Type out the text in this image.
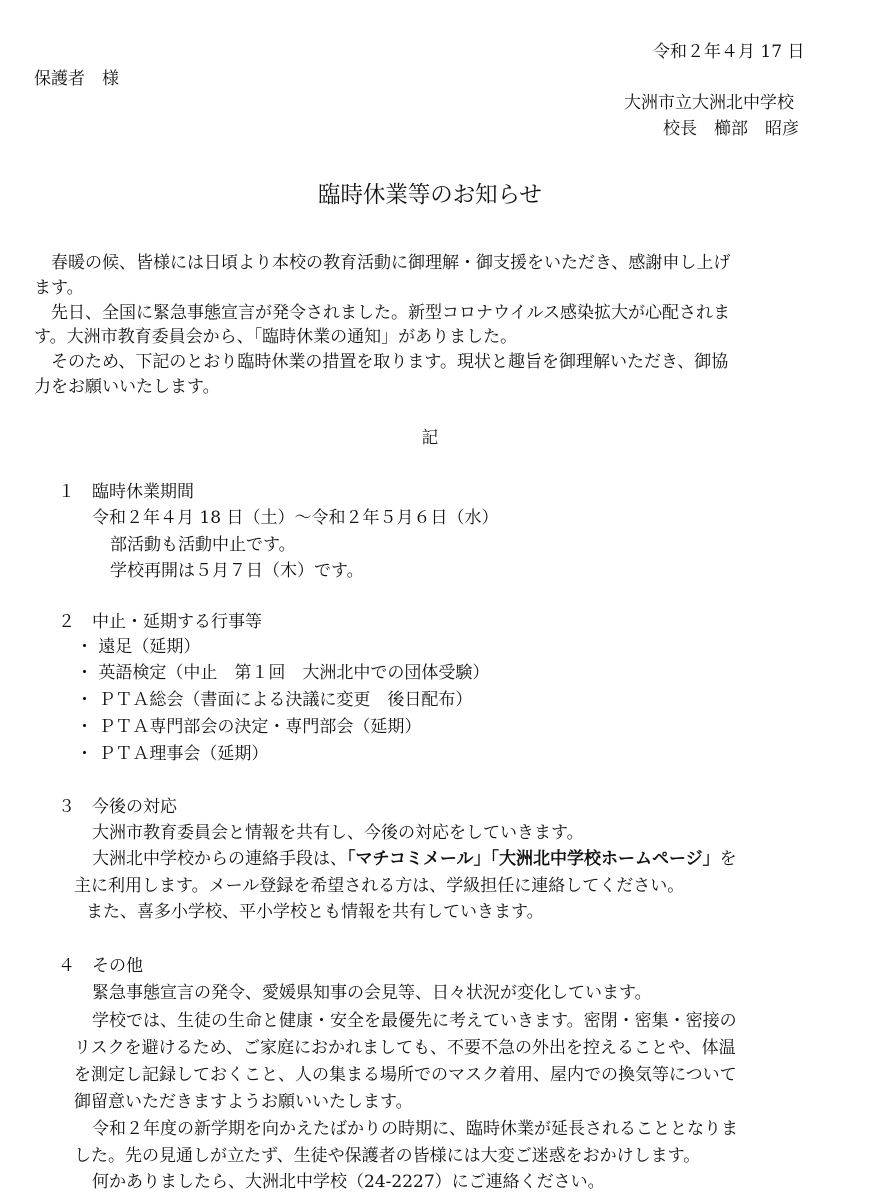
令和２年４月 17 日
保護者　様
大洲市立大洲北中学校
校長　櫛部　昭彦
臨時休業等のお知らせ
　春暖の候、皆様には日頃より本校の教育活動に御理解・御支援をいただき、感謝申し上げ
ます。
　先日、全国に緊急事態宣言が発令されました。新型コロナウイルス感染拡大が心配されま
す。大洲市教育委員会から、「臨時休業の通知」がありました。
　そのため、下記のとおり臨時休業の措置を取ります。現状と趣旨を御理解いただき、御協
力をお願いいたします。
記
１　臨時休業期間
令和２年４月 18 日（土）～令和２年５月６日（水）
部活動も活動中止です。
学校再開は５月７日（木）です。
２　中止・延期する行事等
・ 遠足（延期）
・ 英語検定（中止　第１回　大洲北中での団体受験）
・ ＰＴＡ総会（書面による決議に変更　後日配布）
・ ＰＴＡ専門部会の決定・専門部会（延期）
・ ＰＴＡ理事会（延期）
３　今後の対応
大洲市教育委員会と情報を共有し、今後の対応をしていきます。
大洲北中学校からの連絡手段は、「マチコミメール」「大洲北中学校ホームページ」を
主に利用します。メール登録を希望される方は、学級担任に連絡してください。
また、喜多小学校、平小学校とも情報を共有していきます。
４　その他
緊急事態宣言の発令、愛媛県知事の会見等、日々状況が変化しています。
学校では、生徒の生命と健康・安全を最優先に考えていきます。密閉・密集・密接の
リスクを避けるため、ご家庭におかれましても、不要不急の外出を控えることや、体温
を測定し記録しておくこと、人の集まる場所でのマスク着用、屋内での換気等について
御留意いただきますようお願いいたします。
令和２年度の新学期を向かえたばかりの時期に、臨時休業が延長されることとなりま
した。先の見通しが立たず、生徒や保護者の皆様には大変ご迷惑をおかけします。
何かありましたら、大洲北中学校（24-2227）にご連絡ください。
